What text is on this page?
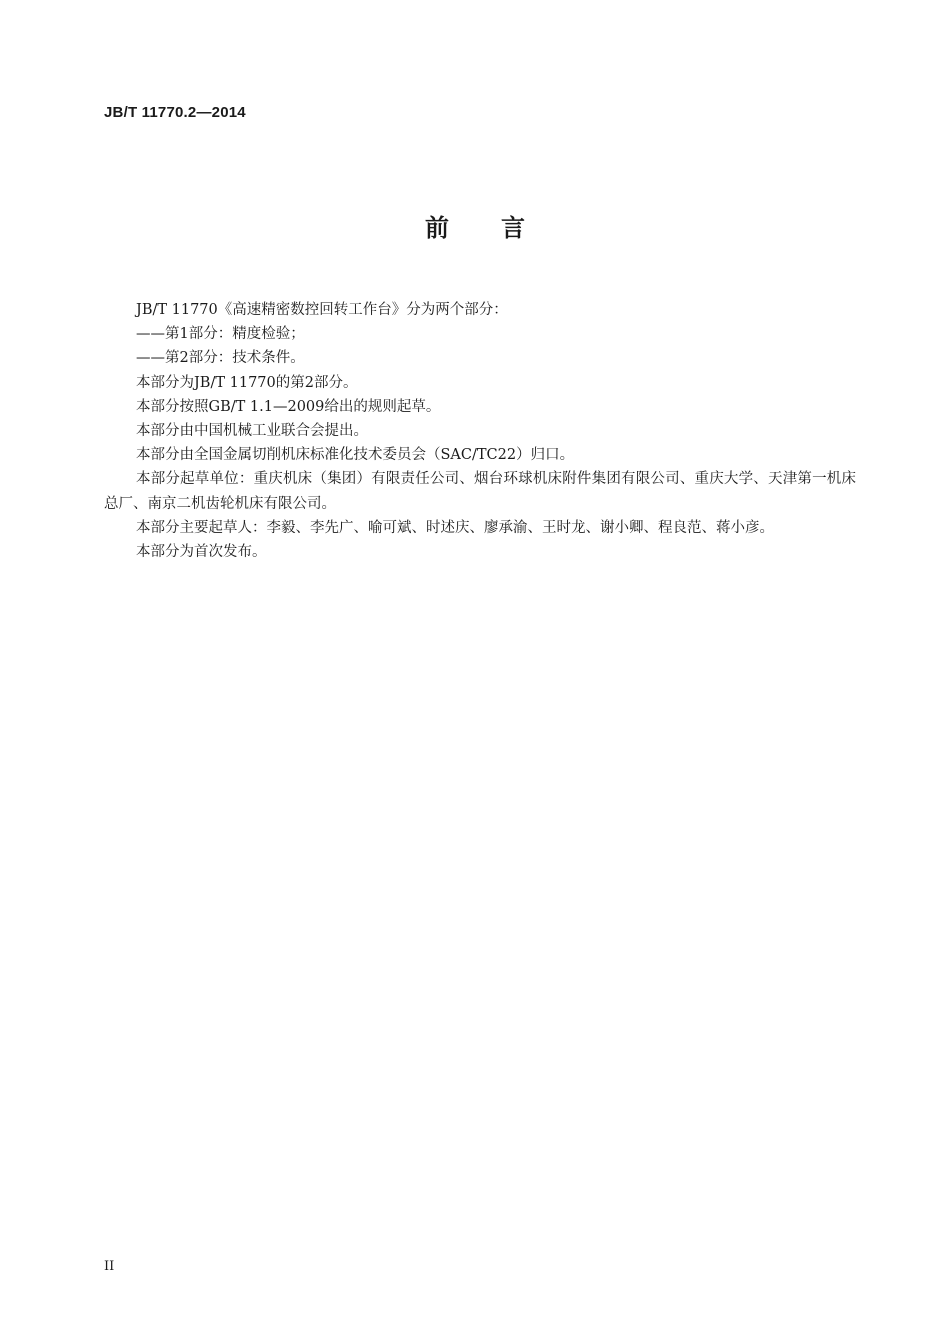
JB/T 11770.2—2014
前 言

JB/T 11770《高速精密数控回转工作台》分为两个部分：

——第1部分：精度检验；

——第2部分：技术条件。

本部分为JB/T 11770的第2部分。

本部分按照GB/T 1.1—2009给出的规则起草。

本部分由中国机械工业联合会提出。

本部分由全国金属切削机床标准化技术委员会（SAC/TC22）归口。

本部分起草单位：重庆机床（集团）有限责任公司、烟台环球机床附件集团有限公司、重庆大学、天津第一机床总厂、南京二机齿轮机床有限公司。

本部分主要起草人：李毅、李先广、喻可斌、时述庆、廖承渝、王时龙、谢小卿、程良范、蒋小彦。

本部分为首次发布。

II
